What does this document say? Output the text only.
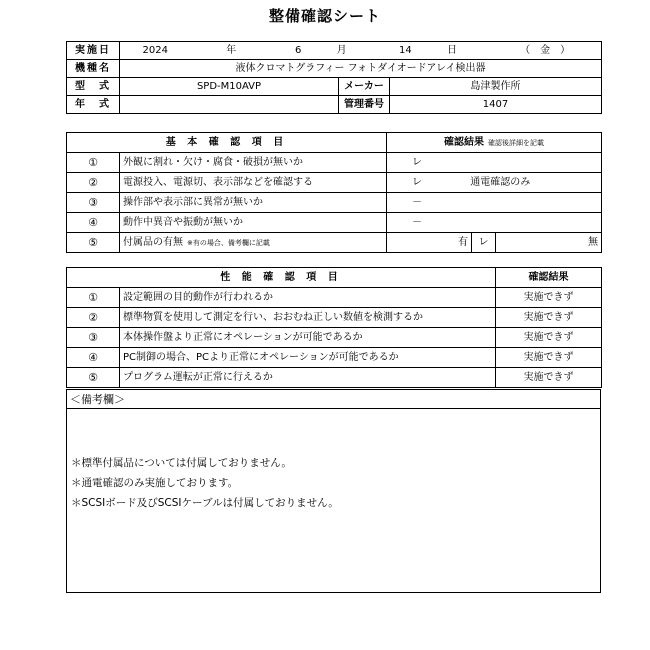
整備確認シート
実施日	2024 年 6 月 14 日 （　金　）		
機種名	液体クロマトグラフィー フォトダイオードアレイ検出器		
型　式	SPD-M10AVP	メーカー	島津製作所
年　式		管理番号	1407
基 本 確 認 項 目		確認結果 確認後詳細を記載		
①	外観に割れ・欠け・腐食・破損が無いか	レ		
②	電源投入、電源切、表示部などを確認する	レ 通電確認のみ		
③	操作部や表示部に異常が無いか	－		
④	動作中異音や振動が無いか	－		
⑤	付属品の有無 ※有の場合、備考欄に記載	有	レ	無
性 能 確 認 項 目		確認結果
①	設定範囲の目的動作が行われるか	実施できず
②	標準物質を使用して測定を行い、おおむね正しい数値を検測するか	実施できず
③	本体操作盤より正常にオペレーションが可能であるか	実施できず
④	PC制御の場合、PCより正常にオペレーションが可能であるか	実施できず
⑤	プログラム運転が正常に行えるか	実施できず
＜備考欄＞
＊標準付属品については付属しておりません。
＊通電確認のみ実施しております。
＊SCSIボード及びSCSIケーブルは付属しておりません。
